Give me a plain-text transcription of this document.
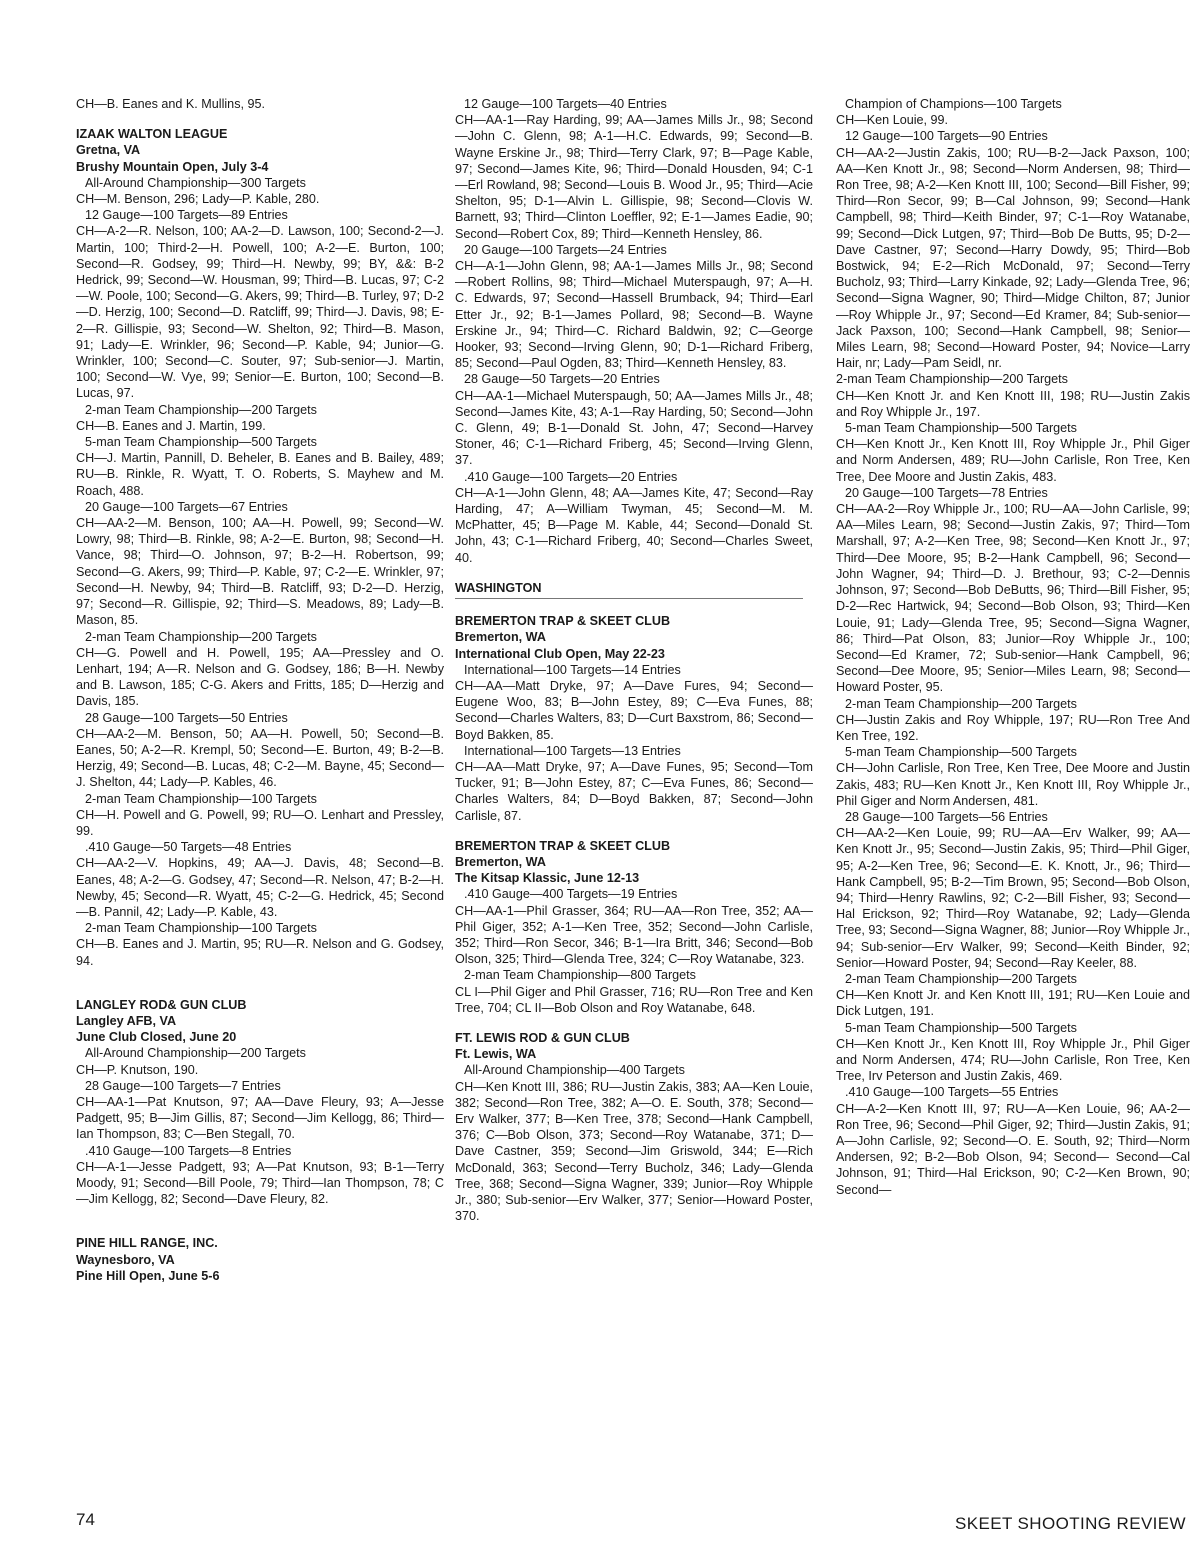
CH—B. Eanes and K. Mullins, 95.
IZAAK WALTON LEAGUE
Gretna, VA
Brushy Mountain Open, July 3-4
All-Around Championship—300 Targets
CH—M. Benson, 296; Lady—P. Kable, 280.
12 Gauge—100 Targets—89 Entries
CH—A-2—R. Nelson, 100; AA-2—D. Lawson, 100; Second-2—J. Martin, 100; Third-2—H. Powell, 100; A-2—E. Burton, 100; Second—R. Godsey, 99; Third—H. Newby, 99; BY, &&: B-2 Hedrick, 99; Second—W. Housman, 99; Third—B. Lucas, 97; C-2—W. Poole, 100; Second—G. Akers, 99; Third—B. Turley, 97; D-2—D. Herzig, 100; Second—D. Ratcliff, 99; Third—J. Davis, 98; E-2—R. Gillispie, 93; Second—W. Shelton, 92; Third—B. Mason, 91; Lady—E. Wrinkler, 96; Second—P. Kable, 94; Junior—G. Wrinkler, 100; Second—C. Souter, 97; Sub-senior—J. Martin, 100; Second—W. Vye, 99; Senior—E. Burton, 100; Second—B. Lucas, 97.
2-man Team Championship—200 Targets
CH—B. Eanes and J. Martin, 199.
5-man Team Championship—500 Targets
CH—J. Martin, Pannill, D. Beheler, B. Eanes and B. Bailey, 489; RU—B. Rinkle, R. Wyatt, T. O. Roberts, S. Mayhew and M. Roach, 488.
20 Gauge—100 Targets—67 Entries
CH—AA-2—M. Benson, 100; AA—H. Powell, 99; Second—W. Lowry, 98; Third—B. Rinkle, 98; A-2—E. Burton, 98; Second—H. Vance, 98; Third—O. Johnson, 97; B-2—H. Robertson, 99; Second—G. Akers, 99; Third—P. Kable, 97; C-2—E. Wrinkler, 97; Second—H. Newby, 94; Third—B. Ratcliff, 93; D-2—D. Herzig, 97; Second—R. Gillispie, 92; Third—S. Meadows, 89; Lady—B. Mason, 85.
2-man Team Championship—200 Targets
CH—G. Powell and H. Powell, 195; AA—Pressley and O. Lenhart, 194; A—R. Nelson and G. Godsey, 186; B—H. Newby and B. Lawson, 185; C-G. Akers and Fritts, 185; D—Herzig and Davis, 185.
28 Gauge—100 Targets—50 Entries
CH—AA-2—M. Benson, 50; AA—H. Powell, 50; Second—B. Eanes, 50; A-2—R. Krempl, 50; Second—E. Burton, 49; B-2—B. Herzig, 49; Second—B. Lucas, 48; C-2—M. Bayne, 45; Second—J. Shelton, 44; Lady—P. Kables, 46.
2-man Team Championship—100 Targets
CH—H. Powell and G. Powell, 99; RU—O. Lenhart and Pressley, 99.
.410 Gauge—50 Targets—48 Entries
CH—AA-2—V. Hopkins, 49; AA—J. Davis, 48; Second—B. Eanes, 48; A-2—G. Godsey, 47; Second—R. Nelson, 47; B-2—H. Newby, 45; Second—R. Wyatt, 45; C-2—G. Hedrick, 45; Second—B. Pannil, 42; Lady—P. Kable, 43.
2-man Team Championship—100 Targets
CH—B. Eanes and J. Martin, 95; RU—R. Nelson and G. Godsey, 94.
LANGLEY ROD& GUN CLUB
Langley AFB, VA
June Club Closed, June 20
All-Around Championship—200 Targets
CH—P. Knutson, 190.
28 Gauge—100 Targets—7 Entries
CH—AA-1—Pat Knutson, 97; AA—Dave Fleury, 93; A—Jesse Padgett, 95; B—Jim Gillis, 87; Second—Jim Kellogg, 86; Third—Ian Thompson, 83; C—Ben Stegall, 70.
.410 Gauge—100 Targets—8 Entries
CH—A-1—Jesse Padgett, 93; A—Pat Knutson, 93; B-1—Terry Moody, 91; Second—Bill Poole, 79; Third—Ian Thompson, 78; C—Jim Kellogg, 82; Second—Dave Fleury, 82.
PINE HILL RANGE, INC.
Waynesboro, VA
Pine Hill Open, June 5-6
12 Gauge—100 Targets—40 Entries
CH—AA-1—Ray Harding, 99; AA—James Mills Jr., 98; Second—John C. Glenn, 98; A-1—H.C. Edwards, 99; Second—B. Wayne Erskine Jr., 98; Third—Terry Clark, 97; B—Page Kable, 97; Second—James Kite, 96; Third—Donald Housden, 94; C-1—Erl Rowland, 98; Second—Louis B. Wood Jr., 95; Third—Acie Shelton, 95; D-1—Alvin L. Gillispie, 98; Second—Clovis W. Barnett, 93; Third—Clinton Loeffler, 92; E-1—James Eadie, 90; Second—Robert Cox, 89; Third—Kenneth Hensley, 86.
20 Gauge—100 Targets—24 Entries
CH—A-1—John Glenn, 98; AA-1—James Mills Jr., 98; Second—Robert Rollins, 98; Third—Michael Muterspaugh, 97; A—H. C. Edwards, 97; Second—Hassell Brumback, 94; Third—Earl Etter Jr., 92; B-1—James Pollard, 98; Second—B. Wayne Erskine Jr., 94; Third—C. Richard Baldwin, 92; C—George Hooker, 93; Second—Irving Glenn, 90; D-1—Richard Friberg, 85; Second—Paul Ogden, 83; Third—Kenneth Hensley, 83.
28 Gauge—50 Targets—20 Entries
CH—AA-1—Michael Muterspaugh, 50; AA—James Mills Jr., 48; Second—James Kite, 43; A-1—Ray Harding, 50; Second—John C. Glenn, 49; B-1—Donald St. John, 47; Second—Harvey Stoner, 46; C-1—Richard Friberg, 45; Second—Irving Glenn, 37.
.410 Gauge—100 Targets—20 Entries
CH—A-1—John Glenn, 48; AA—James Kite, 47; Second—Ray Harding, 47; A—William Twyman, 45; Second—M. M. McPhatter, 45; B—Page M. Kable, 44; Second—Donald St. John, 43; C-1—Richard Friberg, 40; Second—Charles Sweet, 40.
WASHINGTON
BREMERTON TRAP & SKEET CLUB
Bremerton, WA
International Club Open, May 22-23
International—100 Targets—14 Entries
CH—AA—Matt Dryke, 97; A—Dave Fures, 94; Second—Eugene Woo, 83; B—John Estey, 89; C—Eva Funes, 88; Second—Charles Walters, 83; D—Curt Baxstrom, 86; Second—Boyd Bakken, 85.
International—100 Targets—13 Entries
CH—AA—Matt Dryke, 97; A—Dave Funes, 95; Second—Tom Tucker, 91; B—John Estey, 87; C—Eva Funes, 86; Second—Charles Walters, 84; D—Boyd Bakken, 87; Second—John Carlisle, 87.
BREMERTON TRAP & SKEET CLUB
Bremerton, WA
The Kitsap Klassic, June 12-13
.410 Gauge—400 Targets—19 Entries
CH—AA-1—Phil Grasser, 364; RU—AA—Ron Tree, 352; AA—Phil Giger, 352; A-1—Ken Tree, 352; Second—John Carlisle, 352; Third—Ron Secor, 346; B-1—Ira Britt, 346; Second—Bob Olson, 325; Third—Glenda Tree, 324; C—Roy Watanabe, 323.
2-man Team Championship—800 Targets
CL I—Phil Giger and Phil Grasser, 716; RU—Ron Tree and Ken Tree, 704; CL II—Bob Olson and Roy Watanabe, 648.
FT. LEWIS ROD & GUN CLUB
Ft. Lewis, WA
All-Around Championship—400 Targets
CH—Ken Knott III, 386; RU—Justin Zakis, 383; AA—Ken Louie, 382; Second—Ron Tree, 382; A—O. E. South, 378; Second—Erv Walker, 377; B—Ken Tree, 378; Second—Hank Campbell, 376; C—Bob Olson, 373; Second—Roy Watanabe, 371; D—Dave Castner, 359; Second—Jim Griswold, 344; E—Rich McDonald, 363; Second—Terry Bucholz, 346; Lady—Glenda Tree, 368; Second—Signa Wagner, 339; Junior—Roy Whipple Jr., 380; Sub-senior—Erv Walker, 377; Senior—Howard Poster, 370.
Champion of Champions—100 Targets
CH—Ken Louie, 99.
12 Gauge—100 Targets—90 Entries
CH—AA-2—Justin Zakis, 100; RU—B-2—Jack Paxson, 100; AA—Ken Knott Jr., 98; Second—Norm Andersen, 98; Third—Ron Tree, 98; A-2—Ken Knott III, 100; Second—Bill Fisher, 99; Third—Ron Secor, 99; B—Cal Johnson, 99; Second—Hank Campbell, 98; Third—Keith Binder, 97; C-1—Roy Watanabe, 99; Second—Dick Lutgen, 97; Third—Bob De Butts, 95; D-2—Dave Castner, 97; Second—Harry Dowdy, 95; Third—Bob Bostwick, 94; E-2—Rich McDonald, 97; Second—Terry Bucholz, 93; Third—Larry Kinkade, 92; Lady—Glenda Tree, 96; Second—Signa Wagner, 90; Third—Midge Chilton, 87; Junior—Roy Whipple Jr., 97; Second—Ed Kramer, 84; Sub-senior—Jack Paxson, 100; Second—Hank Campbell, 98; Senior—Miles Learn, 98; Second—Howard Poster, 94; Novice—Larry Hair, nr; Lady—Pam Seidl, nr.
2-man Team Championship—200 Targets
CH—Ken Knott Jr. and Ken Knott III, 198; RU—Justin Zakis and Roy Whipple Jr., 197.
5-man Team Championship—500 Targets
CH—Ken Knott Jr., Ken Knott III, Roy Whipple Jr., Phil Giger and Norm Andersen, 489; RU—John Carlisle, Ron Tree, Ken Tree, Dee Moore and Justin Zakis, 483.
20 Gauge—100 Targets—78 Entries
CH—AA-2—Roy Whipple Jr., 100; RU—AA—John Carlisle, 99; AA—Miles Learn, 98; Second—Justin Zakis, 97; Third—Tom Marshall, 97; A-2—Ken Tree, 98; Second—Ken Knott Jr., 97; Third—Dee Moore, 95; B-2—Hank Campbell, 96; Second—John Wagner, 94; Third—D. J. Brethour, 93; C-2—Dennis Johnson, 97; Second—Bob DeButts, 96; Third—Bill Fisher, 95; D-2—Rec Hartwick, 94; Second—Bob Olson, 93; Third—Ken Louie, 91; Lady—Glenda Tree, 95; Second—Signa Wagner, 86; Third—Pat Olson, 83; Junior—Roy Whipple Jr., 100; Second—Ed Kramer, 72; Sub-senior—Hank Campbell, 96; Second—Dee Moore, 95; Senior—Miles Learn, 98; Second—Howard Poster, 95.
2-man Team Championship—200 Targets
CH—Justin Zakis and Roy Whipple, 197; RU—Ron Tree And Ken Tree, 192.
5-man Team Championship—500 Targets
CH—John Carlisle, Ron Tree, Ken Tree, Dee Moore and Justin Zakis, 483; RU—Ken Knott Jr., Ken Knott III, Roy Whipple Jr., Phil Giger and Norm Andersen, 481.
28 Gauge—100 Targets—56 Entries
CH—AA-2—Ken Louie, 99; RU—AA—Erv Walker, 99; AA—Ken Knott Jr., 95; Second—Justin Zakis, 95; Third—Phil Giger, 95; A-2—Ken Tree, 96; Second—E. K. Knott, Jr., 96; Third—Hank Campbell, 95; B-2—Tim Brown, 95; Second—Bob Olson, 94; Third—Henry Rawlins, 92; C-2—Bill Fisher, 93; Second—Hal Erickson, 92; Third—Roy Watanabe, 92; Lady—Glenda Tree, 93; Second—Signa Wagner, 88; Junior—Roy Whipple Jr., 94; Sub-senior—Erv Walker, 99; Second—Keith Binder, 92; Senior—Howard Poster, 94; Second—Ray Keeler, 88.
2-man Team Championship—200 Targets
CH—Ken Knott Jr. and Ken Knott III, 191; RU—Ken Louie and Dick Lutgen, 191.
5-man Team Championship—500 Targets
CH—Ken Knott Jr., Ken Knott III, Roy Whipple Jr., Phil Giger and Norm Andersen, 474; RU—John Carlisle, Ron Tree, Ken Tree, Irv Peterson and Justin Zakis, 469.
.410 Gauge—100 Targets—55 Entries
CH—A-2—Ken Knott III, 97; RU—A—Ken Louie, 96; AA-2—Ron Tree, 96; Second—Phil Giger, 92; Third—Justin Zakis, 91; A—John Carlisle, 92; Second—O. E. South, 92; Third—Norm Andersen, 92; B-2—Bob Olson, 94; Second— Second—Cal Johnson, 91; Third—Hal Erickson, 90; C-2—Ken Brown, 90; Second—
74	SKEET SHOOTING REVIEW
